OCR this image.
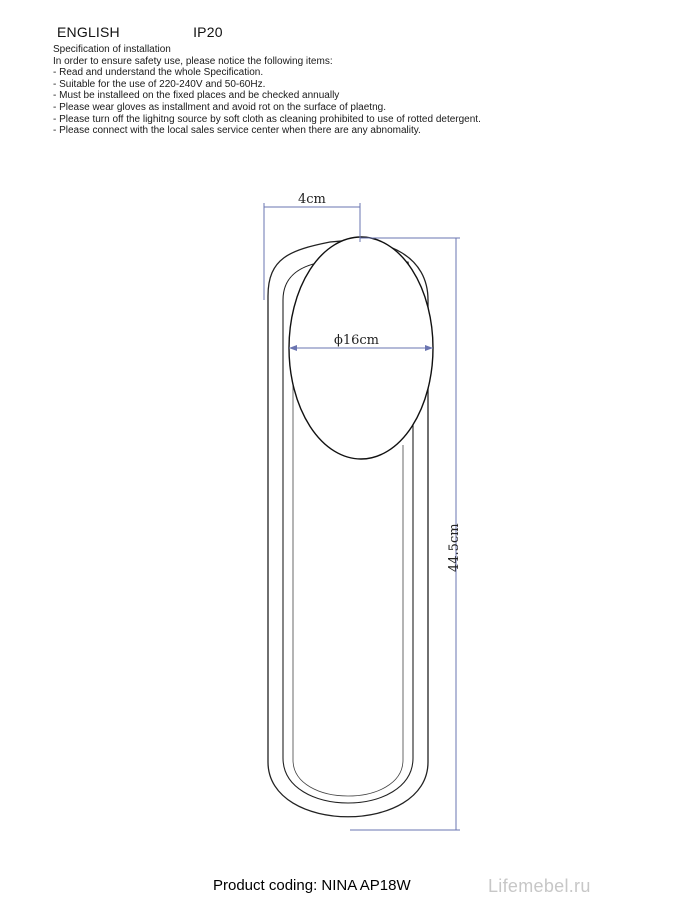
ENGLISH	IP20
Specification of installation
In order to ensure safety use, please notice the following items:
- Read and understand the whole Specification.
- Suitable for the use of 220-240V and 50-60Hz.
- Must be installeed on the fixed places and be checked annually
- Please wear gloves as installment and avoid rot on the surface of plaetng.
- Please turn off the lighitng source by soft cloth as cleaning prohibited to use of rotted detergent.
- Please connect with the local sales service center when there are any abnomality.
4cm
ϕ16cm
44.5cm
Product coding: NINA AP18W	Lifemebel.ru
